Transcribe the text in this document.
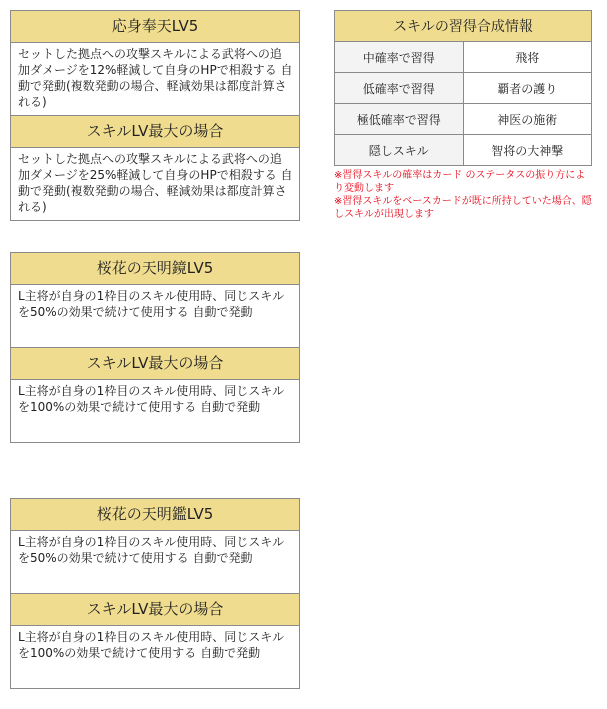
応身奉天LV5
セットした拠点への攻撃スキルによる武将への追加ダメージを12%軽減して自身のHPで相殺する 自動で発動(複数発動の場合、軽減効果は都度計算される)
スキルLV最大の場合
セットした拠点への攻撃スキルによる武将への追加ダメージを25%軽減して自身のHPで相殺する 自動で発動(複数発動の場合、軽減効果は都度計算される)
桜花の天明鏡LV5
L主将が自身の1枠目のスキル使用時、同じスキルを50%の効果で続けて使用する 自動で発動
スキルLV最大の場合
L主将が自身の1枠目のスキル使用時、同じスキルを100%の効果で続けて使用する 自動で発動
桜花の天明鑑LV5
L主将が自身の1枠目のスキル使用時、同じスキルを50%の効果で続けて使用する 自動で発動
スキルLV最大の場合
L主将が自身の1枠目のスキル使用時、同じスキルを100%の効果で続けて使用する 自動で発動
スキルの習得合成情報	
中確率で習得	飛将
低確率で習得	覇者の護り
極低確率で習得	神医の施術
隠しスキル	智将の大神撃
※習得スキルの確率はカード のステータスの振り方により変動します
※習得スキルをベースカードが既に所持していた場合、隠しスキルが出現します
